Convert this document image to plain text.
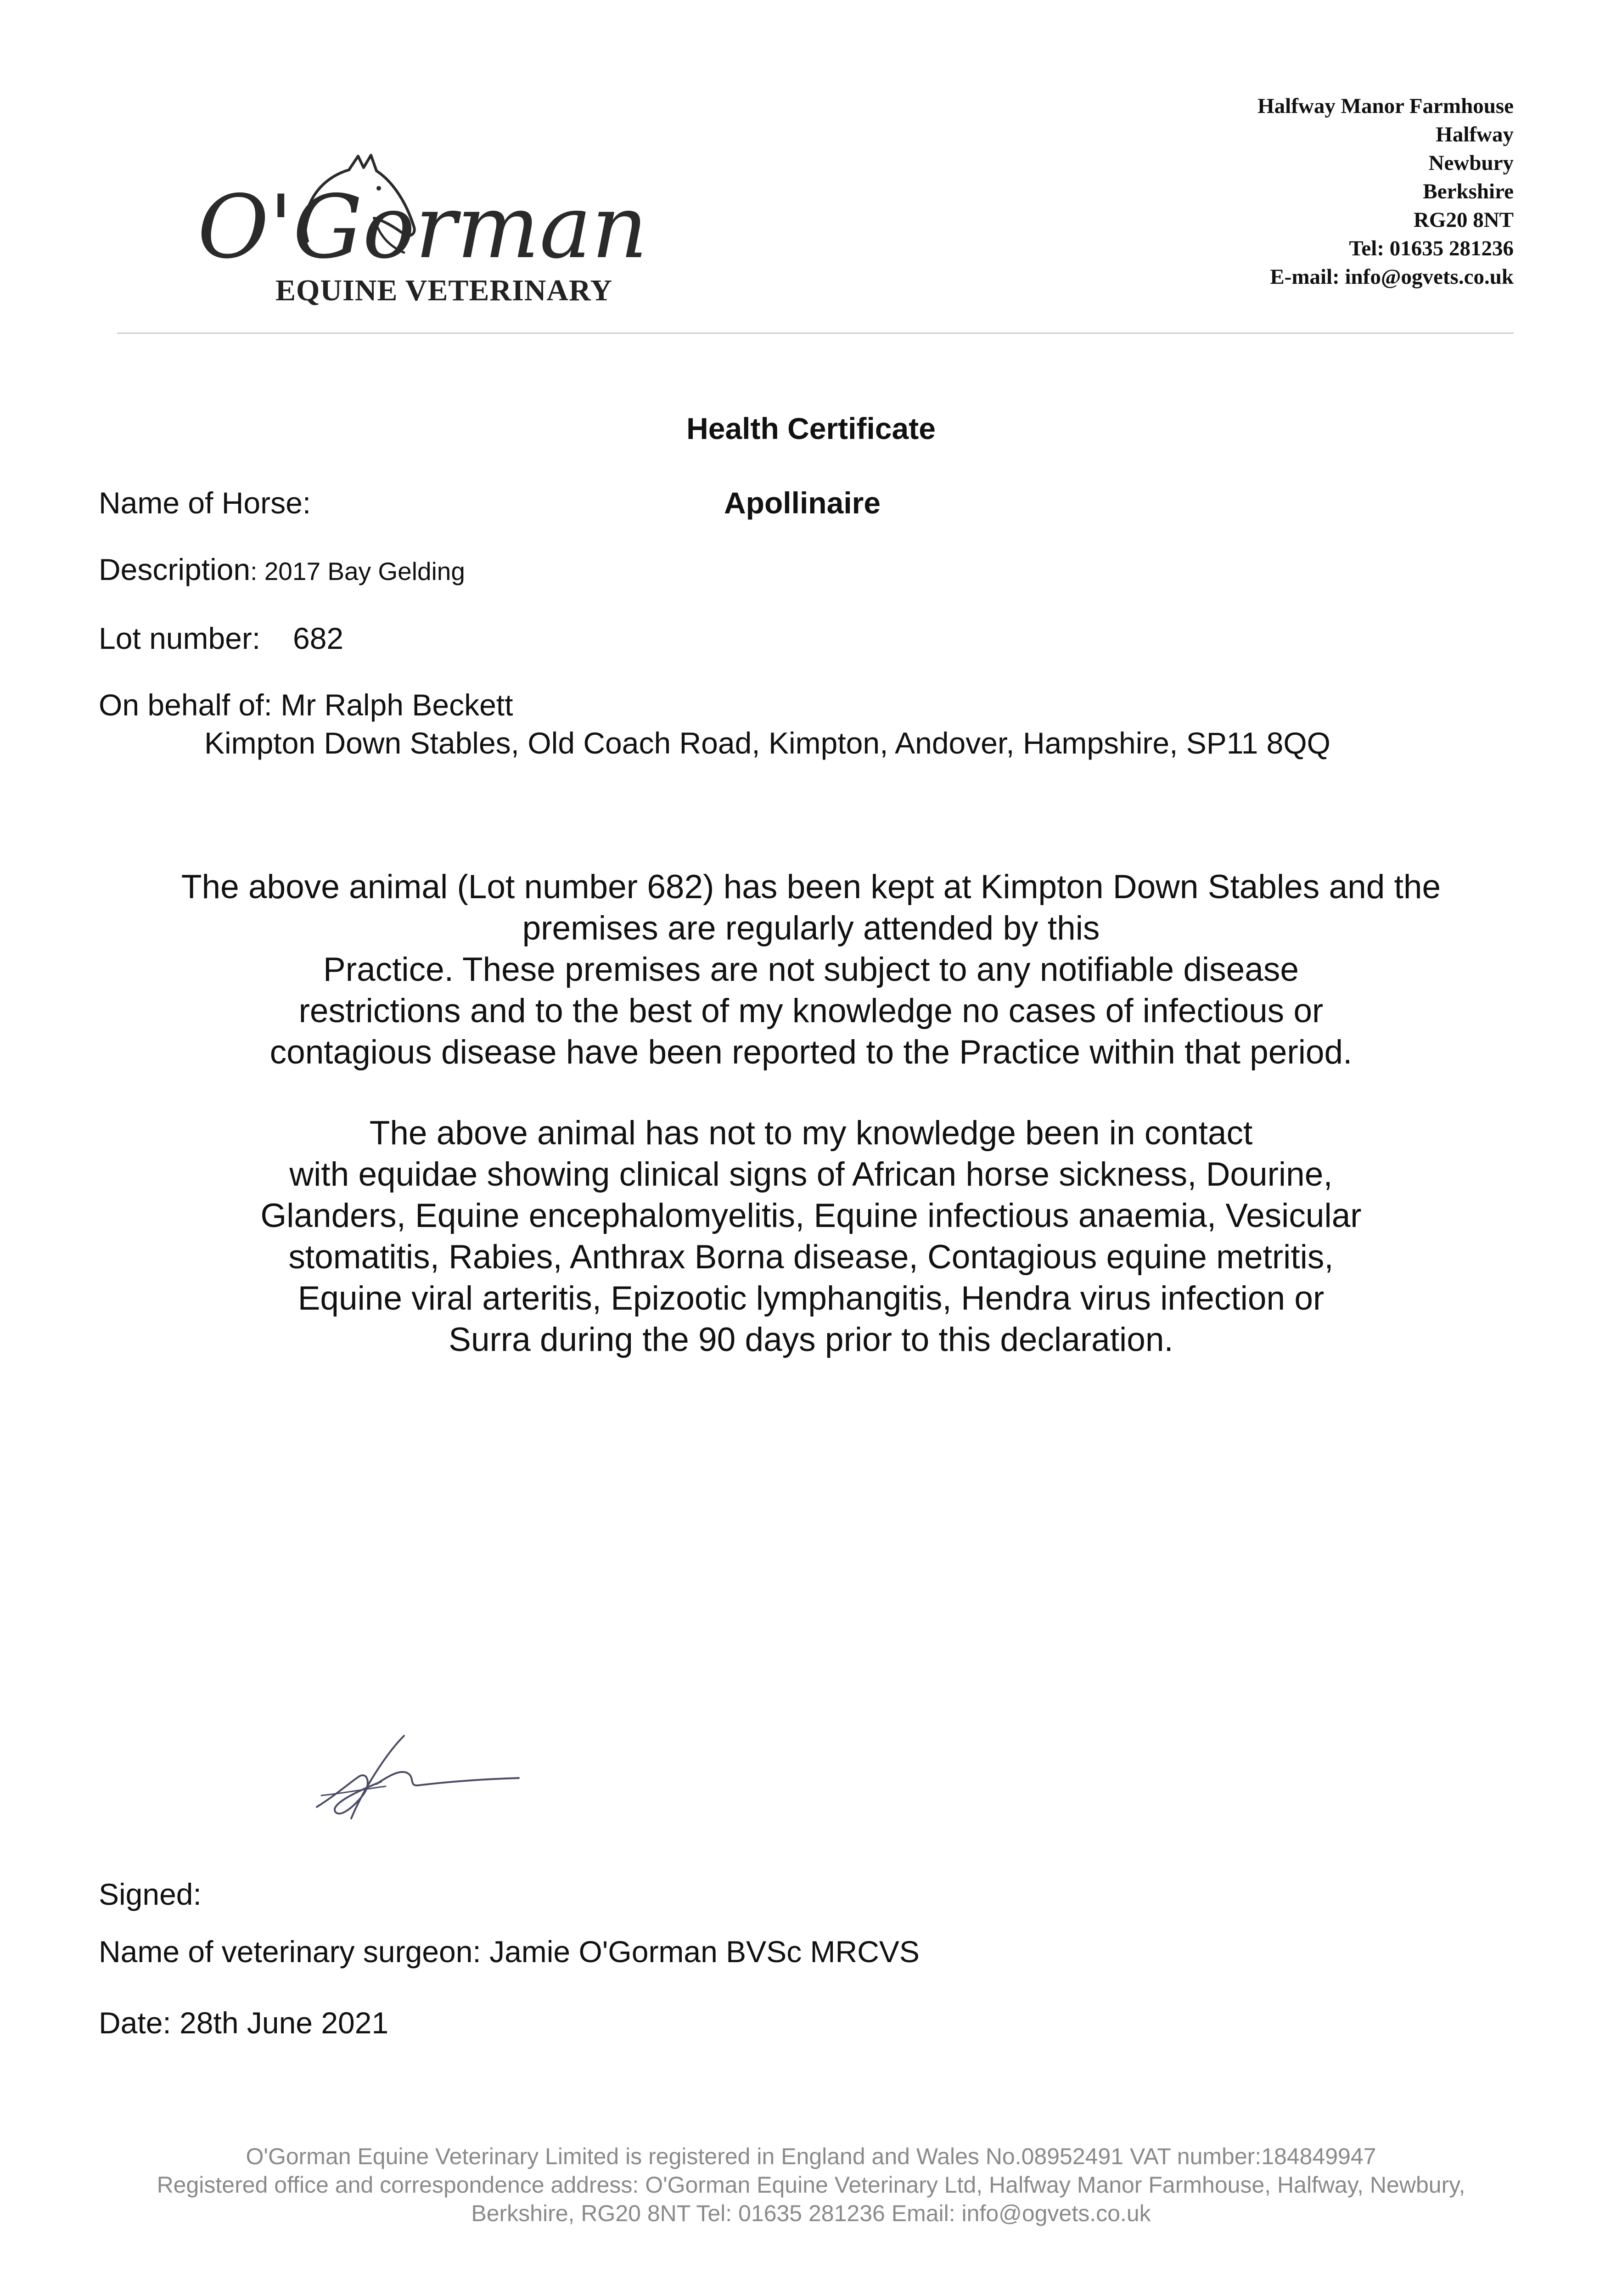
O'Gorman
EQUINE VETERINARY
Halfway Manor Farmhouse
Halfway
Newbury
Berkshire
RG20 8NT
Tel: 01635 281236
E-mail: info@ogvets.co.uk
Health Certificate
Name of Horse:	Apollinaire
Description: 2017 Bay Gelding
Lot number: 682
On behalf of: Mr Ralph Beckett
Kimpton Down Stables, Old Coach Road, Kimpton, Andover, Hampshire, SP11 8QQ
The above animal (Lot number 682) has been kept at Kimpton Down Stables and the
premises are regularly attended by this
Practice. These premises are not subject to any notifiable disease
restrictions and to the best of my knowledge no cases of infectious or
contagious disease have been reported to the Practice within that period.
The above animal has not to my knowledge been in contact
with equidae showing clinical signs of African horse sickness, Dourine,
Glanders, Equine encephalomyelitis, Equine infectious anaemia, Vesicular
stomatitis, Rabies, Anthrax Borna disease, Contagious equine metritis,
Equine viral arteritis, Epizootic lymphangitis, Hendra virus infection or
Surra during the 90 days prior to this declaration.
Signed:
Name of veterinary surgeon: Jamie O'Gorman BVSc MRCVS
Date: 28th June 2021
O'Gorman Equine Veterinary Limited is registered in England and Wales No.08952491 VAT number:184849947
Registered office and correspondence address: O'Gorman Equine Veterinary Ltd, Halfway Manor Farmhouse, Halfway, Newbury,
Berkshire, RG20 8NT Tel: 01635 281236 Email: info@ogvets.co.uk
